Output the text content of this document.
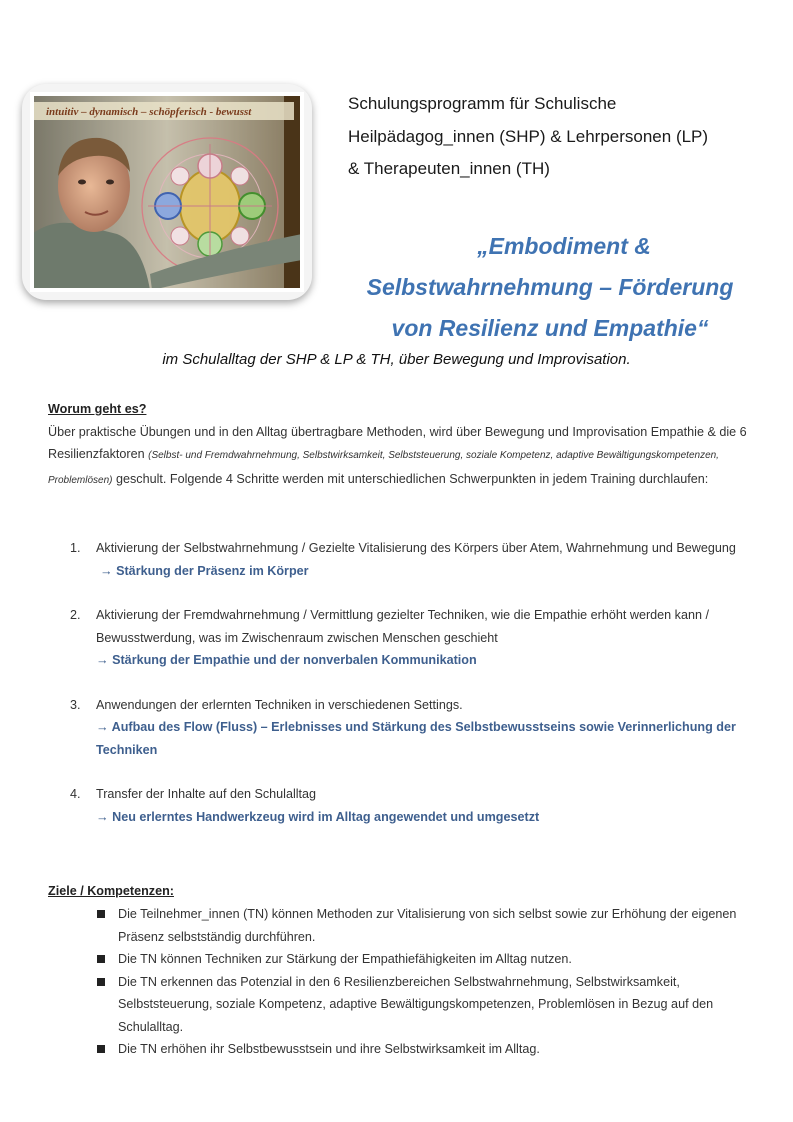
intuitiv – dynamisch – schöpferisch - bewusst	Schulungsprogramm für Schulische
Heilpädagog_innen (SHP) & Lehrpersonen (LP)
& Therapeuten_innen (TH)
„Embodiment &
Selbstwahrnehmung – Förderung
von Resilienz und Empathie“
im Schulalltag der SHP & LP & TH, über Bewegung und Improvisation.
Worum geht es?
Über praktische Übungen und in den Alltag übertragbare Methoden, wird über Bewegung und Improvisation Empathie & die 6 Resilienzfaktoren (Selbst- und Fremdwahrnehmung, Selbstwirksamkeit, Selbststeuerung, soziale Kompetenz, adaptive Bewältigungskompetenzen, Problemlösen) geschult. Folgende 4 Schritte werden mit unterschiedlichen Schwerpunkten in jedem Training durchlaufen:
1.	Aktivierung der Selbstwahrnehmung / Gezielte Vitalisierung des Körpers über Atem, Wahrnehmung und Bewegung
→ Stärkung der Präsenz im Körper
2.	Aktivierung der Fremdwahrnehmung / Vermittlung gezielter Techniken, wie die Empathie erhöht werden kann / Bewusstwerdung, was im Zwischenraum zwischen Menschen geschieht
→ Stärkung der Empathie und der nonverbalen Kommunikation
3.	Anwendungen der erlernten Techniken in verschiedenen Settings.
→ Aufbau des Flow (Fluss) – Erlebnisses und Stärkung des Selbstbewusstseins sowie Verinnerlichung der Techniken
4.	Transfer der Inhalte auf den Schulalltag
→ Neu erlerntes Handwerkzeug wird im Alltag angewendet und umgesetzt
Ziele / Kompetenzen:
Die Teilnehmer_innen (TN) können Methoden zur Vitalisierung von sich selbst sowie zur Erhöhung der eigenen Präsenz selbstständig durchführen.
Die TN können Techniken zur Stärkung der Empathiefähigkeiten im Alltag nutzen.
Die TN erkennen das Potenzial in den 6 Resilienzbereichen Selbstwahrnehmung, Selbstwirksamkeit, Selbststeuerung, soziale Kompetenz, adaptive Bewältigungskompetenzen, Problemlösen in Bezug auf den Schulalltag.
Die TN erhöhen ihr Selbstbewusstsein und ihre Selbstwirksamkeit im Alltag.
